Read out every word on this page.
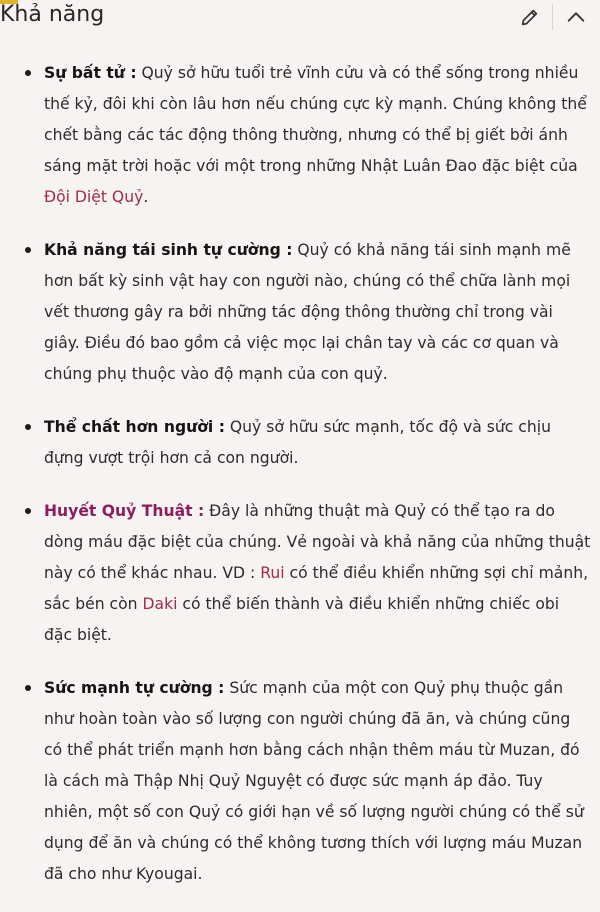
Khả năng
Sự bất tử : Quỷ sở hữu tuổi trẻ vĩnh cửu và có thể sống trong nhiều thế kỷ, đôi khi còn lâu hơn nếu chúng cực kỳ mạnh. Chúng không thể chết bằng các tác động thông thường, nhưng có thể bị giết bởi ánh sáng mặt trời hoặc với một trong những Nhật Luân Đao đặc biệt của Đội Diệt Quỷ.
Khả năng tái sinh tự cường : Quỷ có khả năng tái sinh mạnh mẽ hơn bất kỳ sinh vật hay con người nào, chúng có thể chữa lành mọi vết thương gây ra bởi những tác động thông thường chỉ trong vài giây. Điều đó bao gồm cả việc mọc lại chân tay và các cơ quan và chúng phụ thuộc vào độ mạnh của con quỷ.
Thể chất hơn người : Quỷ sở hữu sức mạnh, tốc độ và sức chịu đựng vượt trội hơn cả con người.
Huyết Quỷ Thuật : Đây là những thuật mà Quỷ có thể tạo ra do dòng máu đặc biệt của chúng. Vẻ ngoài và khả năng của những thuật này có thể khác nhau. VD : Rui có thể điều khiển những sợi chỉ mảnh, sắc bén còn Daki có thể biến thành và điều khiển những chiếc obi đặc biệt.
Sức mạnh tự cường : Sức mạnh của một con Quỷ phụ thuộc gần như hoàn toàn vào số lượng con người chúng đã ăn, và chúng cũng có thể phát triển mạnh hơn bằng cách nhận thêm máu từ Muzan, đó là cách mà Thập Nhị Quỷ Nguyệt có được sức mạnh áp đảo. Tuy nhiên, một số con Quỷ có giới hạn về số lượng người chúng có thể sử dụng để ăn và chúng có thể không tương thích với lượng máu Muzan đã cho như Kyougai.
